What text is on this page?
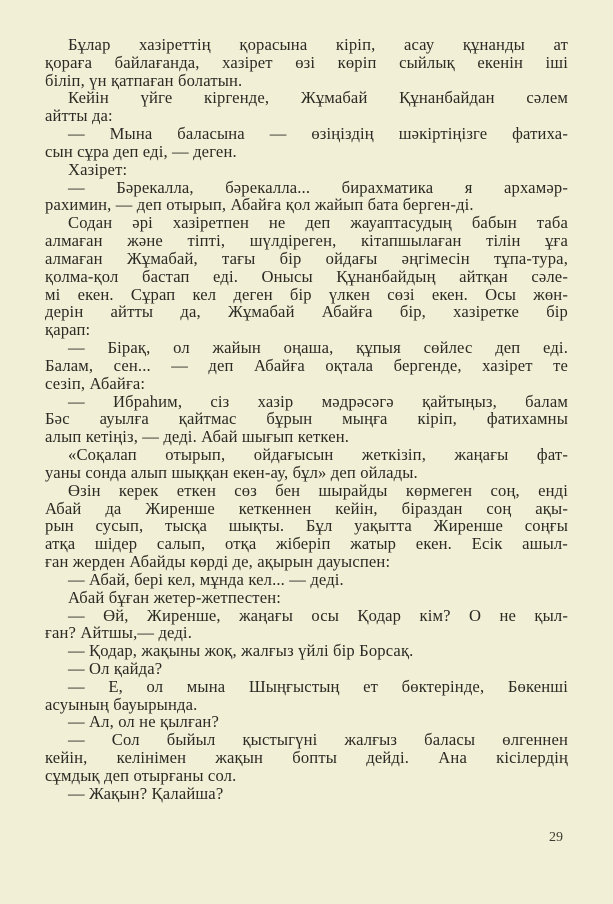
Бұлар хазіреттің қорасына кіріп, асау құнанды ат
қораға байлағанда, хазірет өзі көріп сыйлық екенін іші
біліп, үн қатпаған болатын.
Кейін үйге кіргенде, Жұмабай Құнанбайдан сәлем
айтты да:
— Мына баласына — өзіңіздің шәкіртіңізге фатиха-
сын сұра деп еді, — деген.
Хазірет:
— Бәрекалла, бәрекалла... бирахматика я архамәр-
рахимин, — деп отырып, Абайға қол жайып бата берген-ді.
Содан әрі хазіретпен не деп жауаптасудың бабын таба
алмаған және тіпті, шүлдіреген, кітапшылаған тілін ұға
алмаған Жұмабай, тағы бір ойдағы әңгімесін тұпа-тура,
қолма-қол бастап еді. Онысы Құнанбайдың айтқан сәле-
мі екен. Сұрап кел деген бір үлкен сөзі екен. Осы жөн-
дерін айтты да, Жұмабай Абайға бір, хазіретке бір
қарап:
— Бірақ, ол жайын оңаша, құпыя сөйлес деп еді.
Балам, сен... — деп Абайға оқтала бергенде, хазірет те
сезіп, Абайға:
— Ибраһим, сіз хазір мәдрәсәгә қайтыңыз, балам
Бәс ауылға қайтмас бұрын мыңға кіріп, фатихамны
алып кетіңіз, — деді. Абай шығып кеткен.
«Соқалап отырып, ойдағысын жеткізіп, жаңағы фат-
уаны сонда алып шыққан екен-ау, бұл» деп ойлады.
Өзін керек еткен сөз бен шырайды көрмеген соң, енді
Абай да Жиренше кеткеннен кейін, біраздан соң ақы-
рын сусып, тысқа шықты. Бұл уақытта Жиренше соңғы
атқа шідер салып, отқа жіберіп жатыр екен. Есік ашыл-
ған жерден Абайды көрді де, ақырын дауыспен:
— Абай, бері кел, мұнда кел... — деді.
Абай бұған жетер-жетпестен:
— Өй, Жиренше, жаңағы осы Қодар кім? О не қыл-
ған? Айтшы,— деді.
— Қодар, жақыны жоқ, жалғыз үйлі бір Борсақ.
— Ол қайда?
— Е, ол мына Шыңғыстың ет бөктерінде, Бөкенші
асуының бауырында.
— Ал, ол не қылған?
— Сол быйыл қыстыгүні жалғыз баласы өлгеннен
кейін, келінімен жақын бопты дейді. Ана кісілердің
сұмдық деп отырғаны сол.
— Жақын? Қалайша?
29
